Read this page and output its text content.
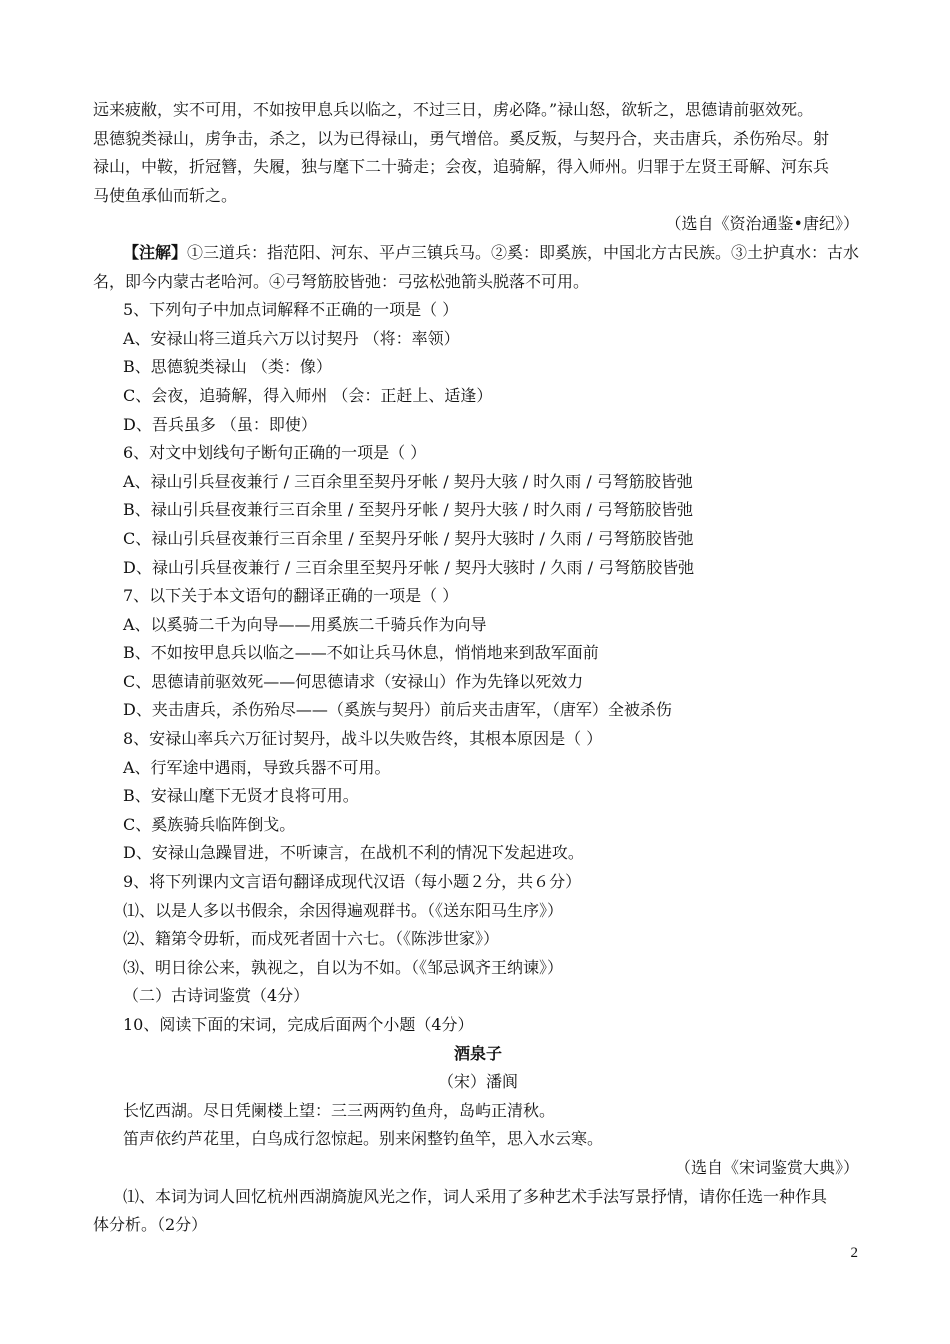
远来疲敝，实不可用，不如按甲息兵以临之，不过三日，虏必降。”禄山怒，欲斩之，思德请前驱效死。
思德貌类禄山，虏争击，杀之，以为已得禄山，勇气增倍。奚反叛，与契丹合，夹击唐兵，杀伤殆尽。射
禄山，中鞍，折冠簪，失履，独与麾下二十骑走；会夜，追骑解，得入师州。归罪于左贤王哥解、河东兵
马使鱼承仙而斩之。
（选自《资治通鉴•唐纪》）
【注解】①三道兵：指范阳、河东、平卢三镇兵马。②奚：即奚族，中国北方古民族。③土护真水：古水
名，即今内蒙古老哈河。④弓弩筋胶皆弛：弓弦松弛箭头脱落不可用。
5、下列句子中加点词解释不正确的一项是（ ）
A、安禄山将三道兵六万以讨契丹 （将：率领）
B、思德貌类禄山 （类：像）
C、会夜，追骑解，得入师州 （会：正赶上、适逢）
D、吾兵虽多 （虽：即使）
6、对文中划线句子断句正确的一项是（ ）
A、禄山引兵昼夜兼行 / 三百余里至契丹牙帐 / 契丹大骇 / 时久雨 / 弓弩筋胶皆弛
B、禄山引兵昼夜兼行三百余里 / 至契丹牙帐 / 契丹大骇 / 时久雨 / 弓弩筋胶皆弛
C、禄山引兵昼夜兼行三百余里 / 至契丹牙帐 / 契丹大骇时 / 久雨 / 弓弩筋胶皆弛
D、禄山引兵昼夜兼行 / 三百余里至契丹牙帐 / 契丹大骇时 / 久雨 / 弓弩筋胶皆弛
7、以下关于本文语句的翻译正确的一项是（ ）
A、以奚骑二千为向导——用奚族二千骑兵作为向导
B、不如按甲息兵以临之——不如让兵马休息，悄悄地来到敌军面前
C、思德请前驱效死——何思德请求（安禄山）作为先锋以死效力
D、夹击唐兵，杀伤殆尽——（奚族与契丹）前后夹击唐军，（唐军）全被杀伤
8、安禄山率兵六万征讨契丹，战斗以失败告终，其根本原因是（ ）
A、行军途中遇雨，导致兵器不可用。
B、安禄山麾下无贤才良将可用。
C、奚族骑兵临阵倒戈。
D、安禄山急躁冒进，不听谏言，在战机不利的情况下发起进攻。
9、将下列课内文言语句翻译成现代汉语（每小题２分，共６分）
⑴、以是人多以书假余，余因得遍观群书。（《送东阳马生序》）
⑵、籍第令毋斩，而戍死者固十六七。（《陈涉世家》）
⑶、明日徐公来，孰视之，自以为不如。（《邹忌讽齐王纳谏》）
（二）古诗词鉴赏（4分）
10、阅读下面的宋词，完成后面两个小题（4分）
酒泉子
（宋）潘阆
长忆西湖。尽日凭阑楼上望：三三两两钓鱼舟，岛屿正清秋。
笛声依约芦花里，白鸟成行忽惊起。别来闲整钓鱼竿，思入水云寒。
（选自《宋词鉴赏大典》）
⑴、本词为词人回忆杭州西湖旖旎风光之作，词人采用了多种艺术手法写景抒情，请你任选一种作具
体分析。（2分）
2
